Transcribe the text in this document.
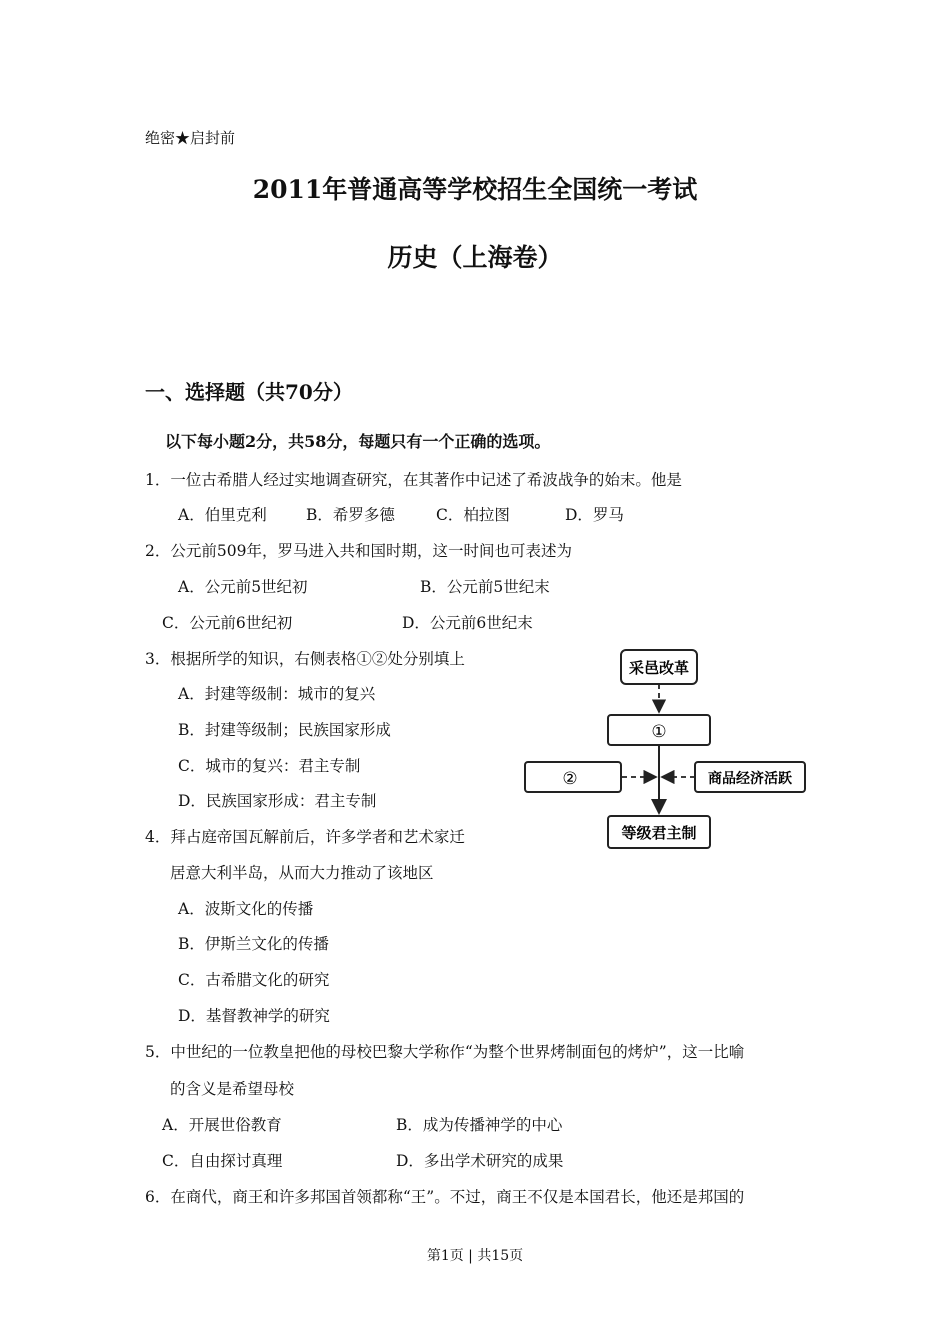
绝密★启封前
2011年普通高等学校招生全国统一考试
历史（上海卷）
一、选择题（共70分）
以下每小题2分，共58分，每题只有一个正确的选项。
1．一位古希腊人经过实地调查研究，在其著作中记述了希波战争的始末。他是
A．伯里克利	B．希罗多德	C．柏拉图	D．罗马
2．公元前509年，罗马进入共和国时期，这一时间也可表述为
A．公元前5世纪初	B．公元前5世纪末
C．公元前6世纪初	D．公元前6世纪末
3．根据所学的知识，右侧表格①②处分别填上
A．封建等级制：城市的复兴
B．封建等级制；民族国家形成
C．城市的复兴：君主专制
D．民族国家形成：君主专制
4．拜占庭帝国瓦解前后，许多学者和艺术家迁
居意大利半岛，从而大力推动了该地区
A．波斯文化的传播
B．伊斯兰文化的传播
C．古希腊文化的研究
D．基督教神学的研究
5．中世纪的一位教皇把他的母校巴黎大学称作“为整个世界烤制面包的烤炉”，这一比喻
的含义是希望母校
A．开展世俗教育	B．成为传播神学的中心
C．自由探讨真理	D．多出学术研究的成果
6．在商代，商王和许多邦国首领都称“王”。不过，商王不仅是本国君长，他还是邦国的
采邑改革
①
②	商品经济活跃
等级君主制
第1页 | 共15页
